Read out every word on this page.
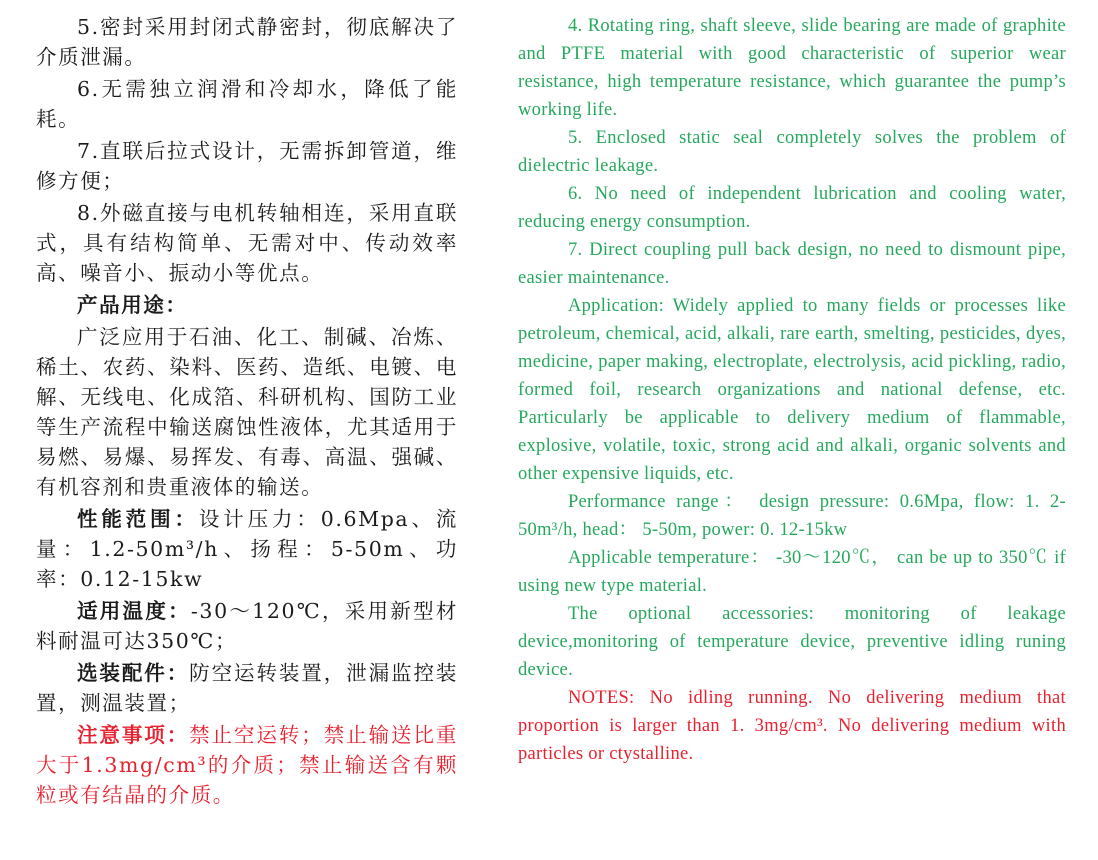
5.密封采用封闭式静密封，彻底解决了介质泄漏。

6.无需独立润滑和冷却水，降低了能耗。

7.直联后拉式设计，无需拆卸管道，维修方便；

8.外磁直接与电机转轴相连，采用直联式，具有结构简单、无需对中、传动效率高、噪音小、振动小等优点。

产品用途：

广泛应用于石油、化工、制碱、冶炼、稀土、农药、染料、医药、造纸、电镀、电解、无线电、化成箔、科研机构、国防工业等生产流程中输送腐蚀性液体，尤其适用于易燃、易爆、易挥发、有毒、高温、强碱、有机容剂和贵重液体的输送。

性能范围：设计压力：0.6Mpa、流量：1.2-50m³/h、扬程：5-50m、功率：0.12-15kw

适用温度：-30～120℃，采用新型材料耐温可达350℃；

选装配件：防空运转装置，泄漏监控装置，测温装置；

注意事项：禁止空运转；禁止输送比重大于1.3mg/cm³的介质；禁止输送含有颗粒或有结晶的介质。

4. Rotating ring, shaft sleeve, slide bearing are made of graphite and PTFE material with good characteristic of superior wear resistance, high temperature resistance, which guarantee the pump’s working life.

5. Enclosed static seal completely solves the problem of dielectric leakage.

6. No need of independent lubrication and cooling water, reducing energy consumption.

7. Direct coupling pull back design, no need to dismount pipe, easier maintenance.

Application: Widely applied to many fields or processes like petroleum, chemical, acid, alkali, rare earth, smelting, pesticides, dyes, medicine, paper making, electroplate, electrolysis, acid pickling, radio, formed foil, research organizations and national defense, etc. Particularly be applicable to delivery medium of flammable, explosive, volatile, toxic, strong acid and alkali, organic solvents and other expensive liquids, etc.

Performance range： design pressure: 0.6Mpa, flow: 1. 2-50m³/h, head： 5-50m, power: 0. 12-15kw

Applicable temperature： -30～120℃， can be up to 350℃ if using new type material.

The optional accessories: monitoring of leakage device,monitoring of temperature device, preventive idling runing device.

NOTES: No idling running. No delivering medium that proportion is larger than 1. 3mg/cm³. No delivering medium with particles or ctystalline.
